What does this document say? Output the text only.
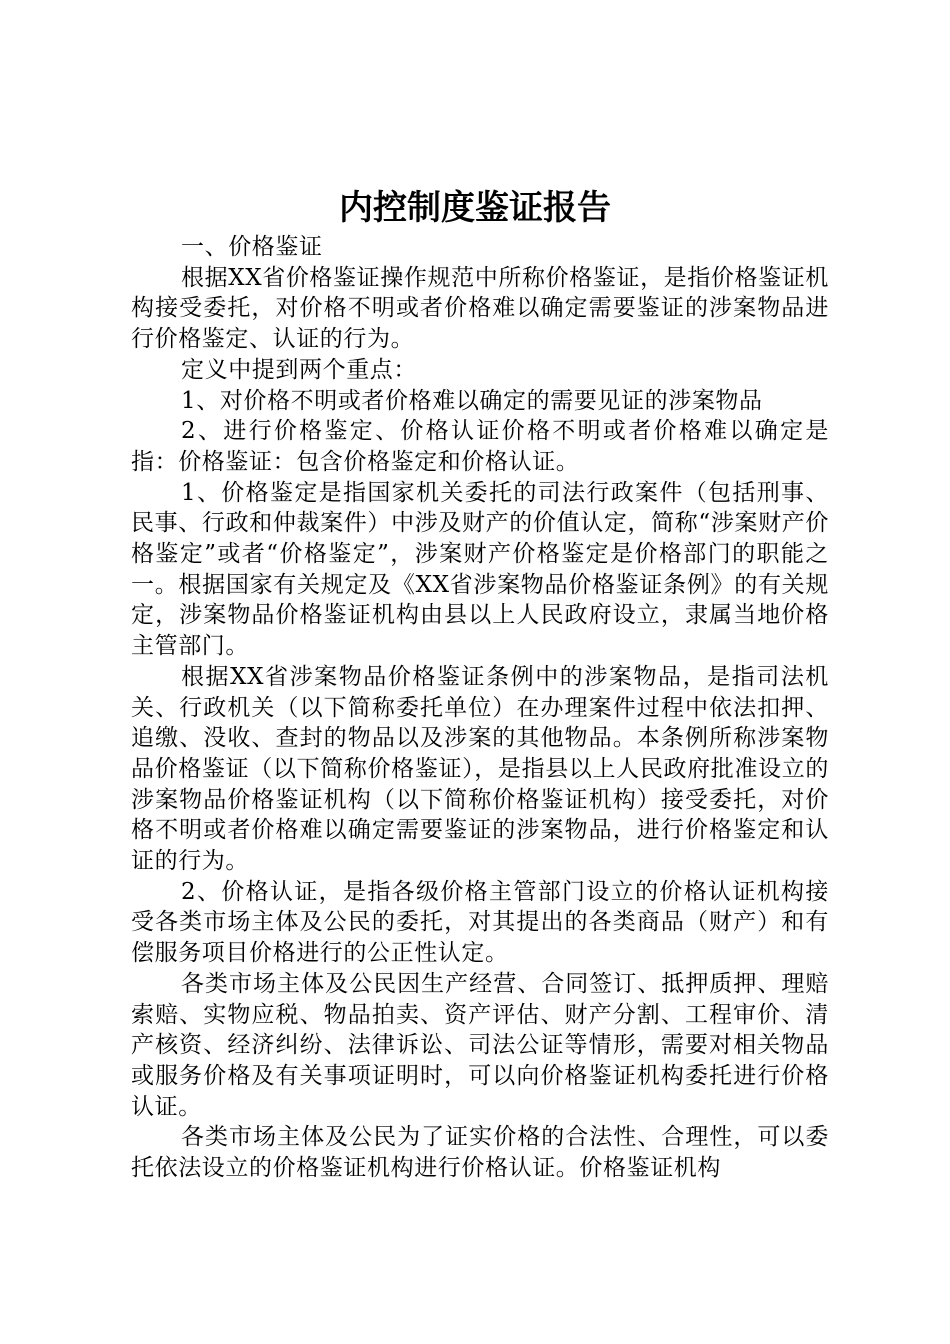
内控制度鉴证报告

一、价格鉴证

根据XX省价格鉴证操作规范中所称价格鉴证，是指价格鉴证机构接受委托，对价格不明或者价格难以确定需要鉴证的涉案物品进行价格鉴定、认证的行为。

定义中提到两个重点：

1、对价格不明或者价格难以确定的需要见证的涉案物品

2、进行价格鉴定、价格认证价格不明或者价格难以确定是指：价格鉴证：包含价格鉴定和价格认证。

1、价格鉴定是指国家机关委托的司法行政案件（包括刑事、民事、行政和仲裁案件）中涉及财产的价值认定，简称“涉案财产价格鉴定”或者“价格鉴定”，涉案财产价格鉴定是价格部门的职能之一。根据国家有关规定及《XX省涉案物品价格鉴证条例》的有关规定，涉案物品价格鉴证机构由县以上人民政府设立，隶属当地价格主管部门。

根据XX省涉案物品价格鉴证条例中的涉案物品，是指司法机关、行政机关（以下简称委托单位）在办理案件过程中依法扣押、追缴、没收、查封的物品以及涉案的其他物品。本条例所称涉案物品价格鉴证（以下简称价格鉴证），是指县以上人民政府批准设立的涉案物品价格鉴证机构（以下简称价格鉴证机构）接受委托，对价格不明或者价格难以确定需要鉴证的涉案物品，进行价格鉴定和认证的行为。

2、价格认证，是指各级价格主管部门设立的价格认证机构接受各类市场主体及公民的委托，对其提出的各类商品（财产）和有偿服务项目价格进行的公正性认定。

各类市场主体及公民因生产经营、合同签订、抵押质押、理赔索赔、实物应税、物品拍卖、资产评估、财产分割、工程审价、清产核资、经济纠纷、法律诉讼、司法公证等情形，需要对相关物品或服务价格及有关事项证明时，可以向价格鉴证机构委托进行价格认证。

各类市场主体及公民为了证实价格的合法性、合理性，可以委托依法设立的价格鉴证机构进行价格认证。价格鉴证机构
